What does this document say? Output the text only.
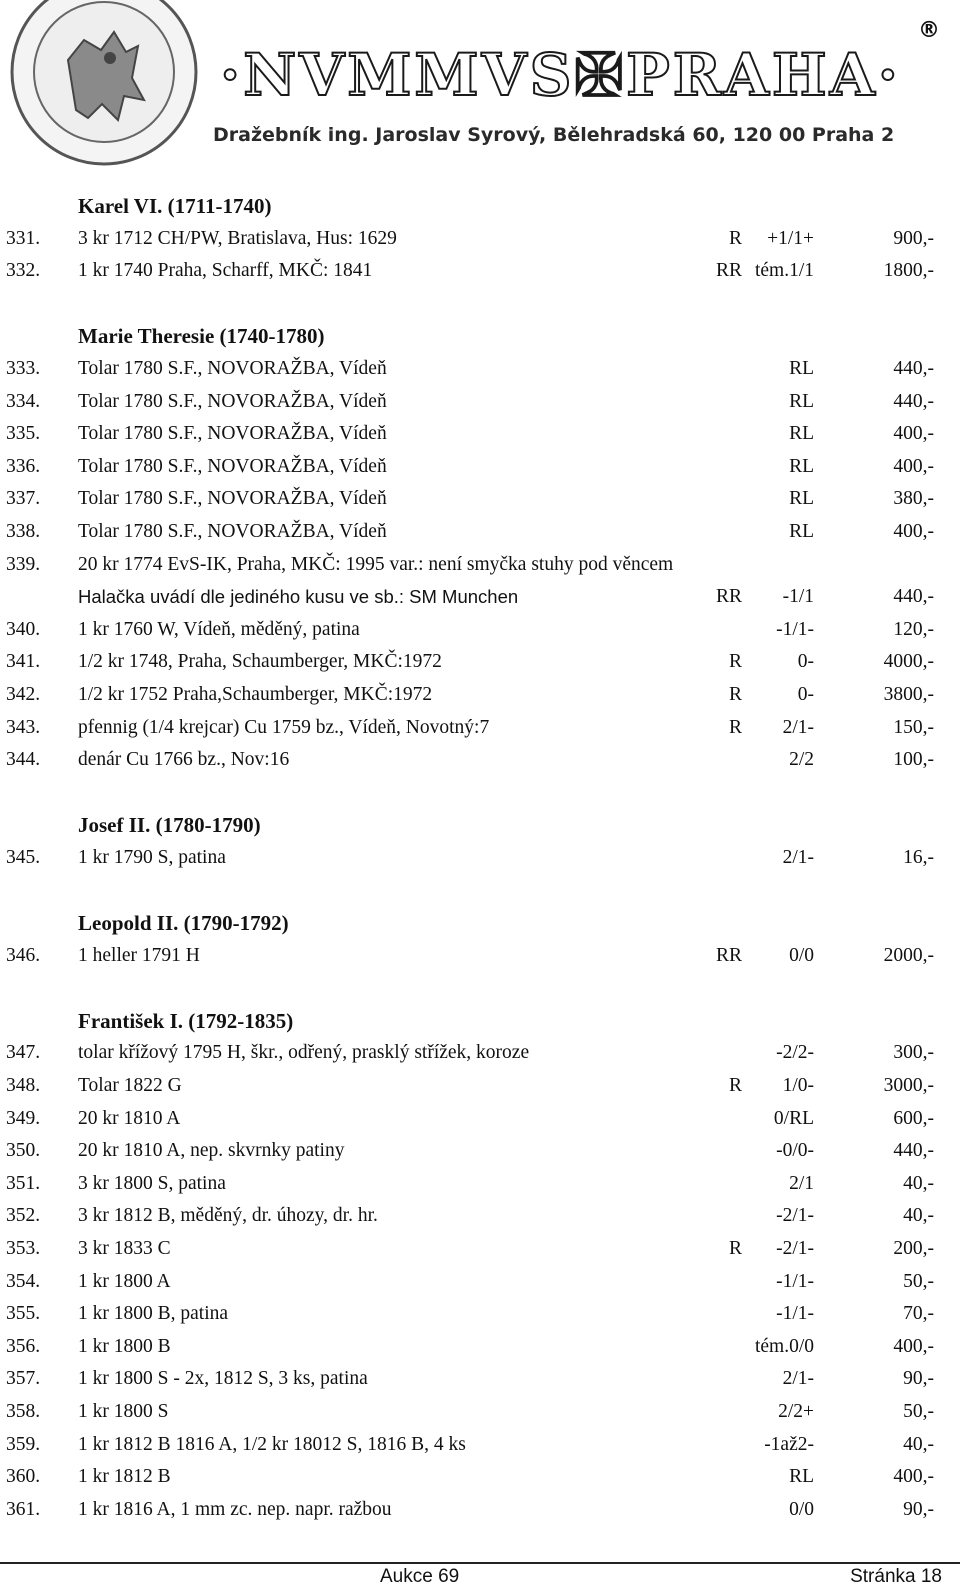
®
·NVMMVS✠PRAHA·
Dražebník ing. Jaroslav Syrový, Bělehradská 60, 120 00 Praha 2
Karel VI. (1711-1740)
331. 3 kr 1712 CH/PW, Bratislava, Hus: 1629	R +1/1+	900,-
332. 1 kr 1740 Praha, Scharff, MKČ: 1841	RR tém.1/1	1800,-
Marie Theresie (1740-1780)
333. Tolar 1780 S.F., NOVORAŽBA, Vídeň	RL	440,-
334. Tolar 1780 S.F., NOVORAŽBA, Vídeň	RL	440,-
335. Tolar 1780 S.F., NOVORAŽBA, Vídeň	RL	400,-
336. Tolar 1780 S.F., NOVORAŽBA, Vídeň	RL	400,-
337. Tolar 1780 S.F., NOVORAŽBA, Vídeň	RL	380,-
338. Tolar 1780 S.F., NOVORAŽBA, Vídeň	RL	400,-
339. 20 kr 1774 EvS-IK, Praha, MKČ: 1995 var.: není smyčka stuhy pod věncem
Halačka uvádí dle jediného kusu ve sb.: SM Munchen	RR -1/1	440,-
340. 1 kr 1760 W, Vídeň, měděný, patina	-1/1-	120,-
341. 1/2 kr 1748, Praha, Schaumberger, MKČ:1972	R	0-	4000,-
342. 1/2 kr 1752 Praha,Schaumberger, MKČ:1972	R	0-	3800,-
343. pfennig (1/4 krejcar) Cu 1759 bz., Vídeň, Novotný:7	R 2/1-	150,-
344. denár Cu 1766 bz., Nov:16	2/2	100,-
Josef II. (1780-1790)
345. 1 kr 1790 S, patina	2/1-	16,-
Leopold II. (1790-1792)
346. 1 heller 1791 H	RR 0/0	2000,-
František I. (1792-1835)
347. tolar křížový 1795 H, škr., odřený, prasklý střížek, koroze	-2/2-	300,-
348. Tolar 1822 G	R 1/0-	3000,-
349. 20 kr 1810 A	0/RL	600,-
350. 20 kr 1810 A, nep. skvrnky patiny	-0/0-	440,-
351. 3 kr 1800 S, patina	2/1	40,-
352. 3 kr 1812 B, měděný, dr. úhozy, dr. hr.	-2/1-	40,-
353. 3 kr 1833 C	R -2/1-	200,-
354. 1 kr 1800 A	-1/1-	50,-
355. 1 kr 1800 B, patina	-1/1-	70,-
356. 1 kr 1800 B	tém.0/0	400,-
357. 1 kr 1800 S - 2x, 1812 S, 3 ks, patina	2/1-	90,-
358. 1 kr 1800 S	2/2+	50,-
359. 1 kr 1812 B 1816 A, 1/2 kr 18012 S, 1816 B, 4 ks	-1až2-	40,-
360. 1 kr 1812 B	RL	400,-
361. 1 kr 1816 A, 1 mm zc. nep. napr. ražbou	0/0	90,-
Aukce 69	Stránka 18
